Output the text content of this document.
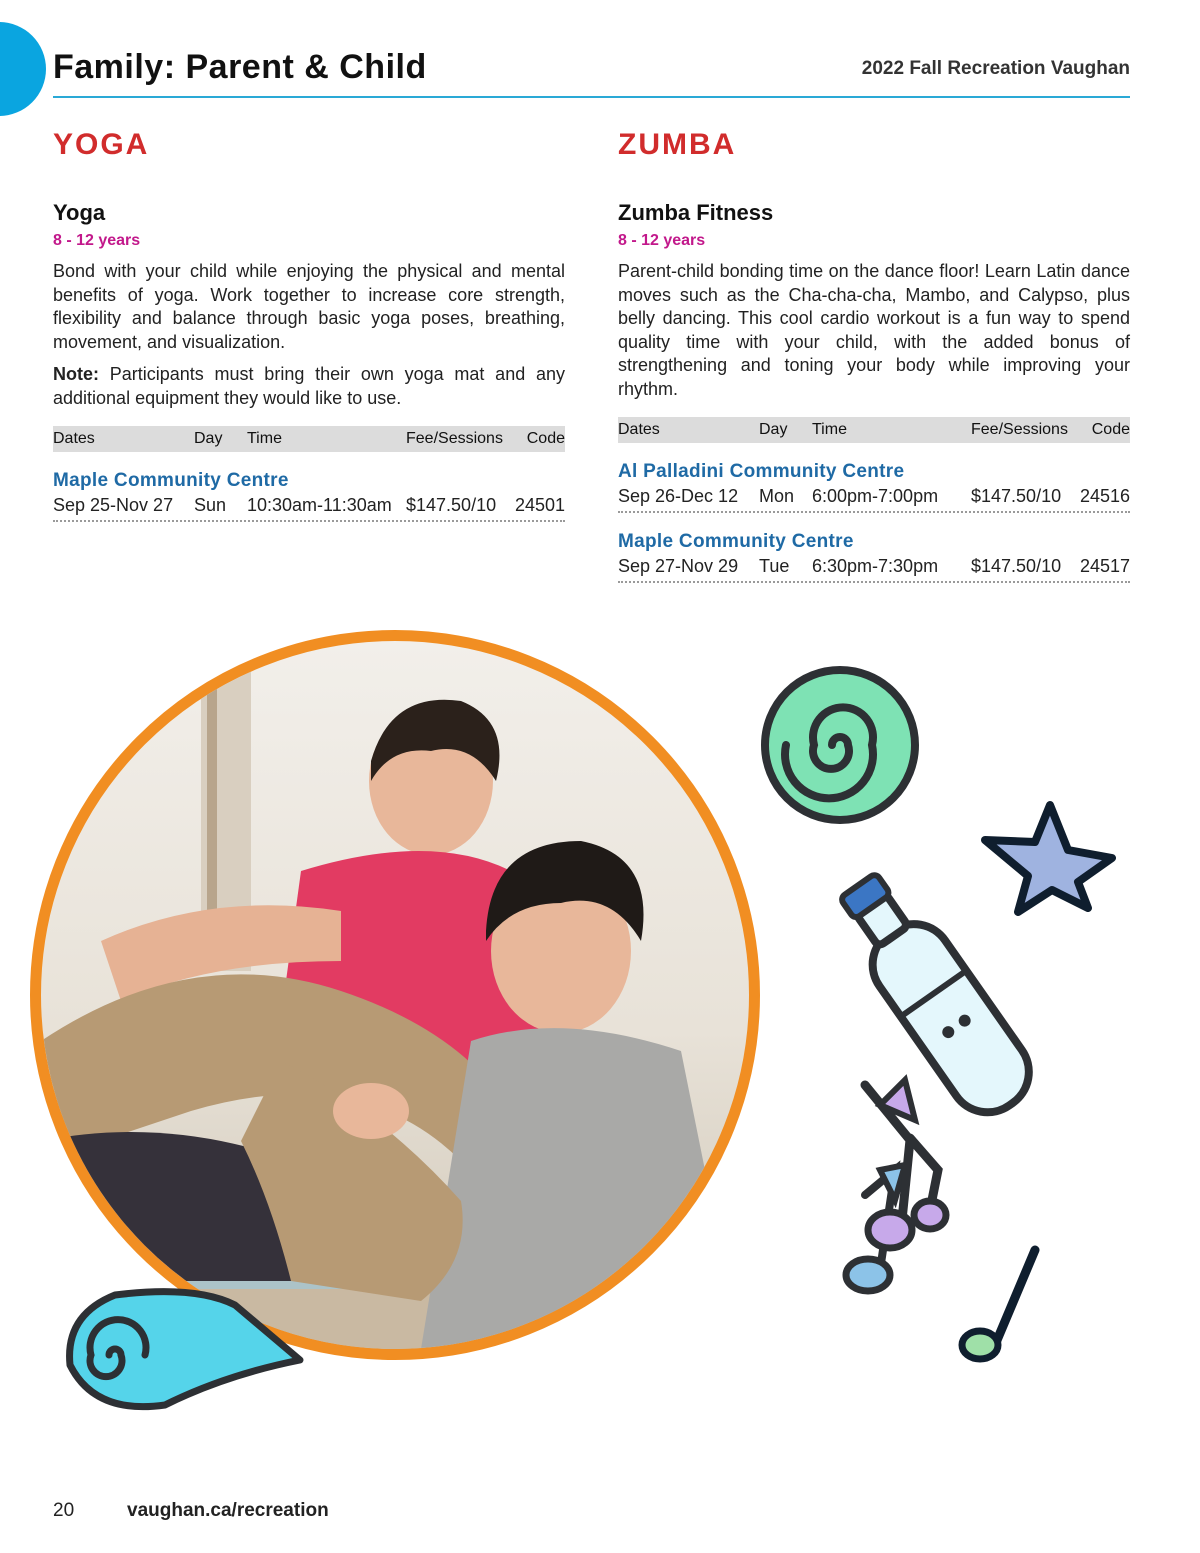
Family: Parent & Child	2022 Fall Recreation Vaughan
YOGA
Yoga
8 - 12 years

Bond with your child while enjoying the physical and mental benefits of yoga. Work together to increase core strength, flexibility and balance through basic yoga poses, breathing, movement, and visualization.

Note: Participants must bring their own yoga mat and any additional equipment they would like to use.

Dates	Day Time	Fee/Sessions Code
Maple Community Centre
Sep 25-Nov 27 Sun 10:30am-11:30am $147.50/10 24501
ZUMBA
Zumba Fitness
8 - 12 years

Parent-child bonding time on the dance floor! Learn Latin dance moves such as the Cha-cha-cha, Mambo, and Calypso, plus belly dancing. This cool cardio workout is a fun way to spend quality time with your child, with the added bonus of strengthening and toning your body while improving your rhythm.

Dates	Day Time	Fee/Sessions Code
Al Palladini Community Centre
Sep 26-Dec 12 Mon 6:00pm-7:00pm $147.50/10 24516
Maple Community Centre
Sep 27-Nov 29 Tue 6:30pm-7:30pm $147.50/10 24517
20	vaughan.ca/recreation
